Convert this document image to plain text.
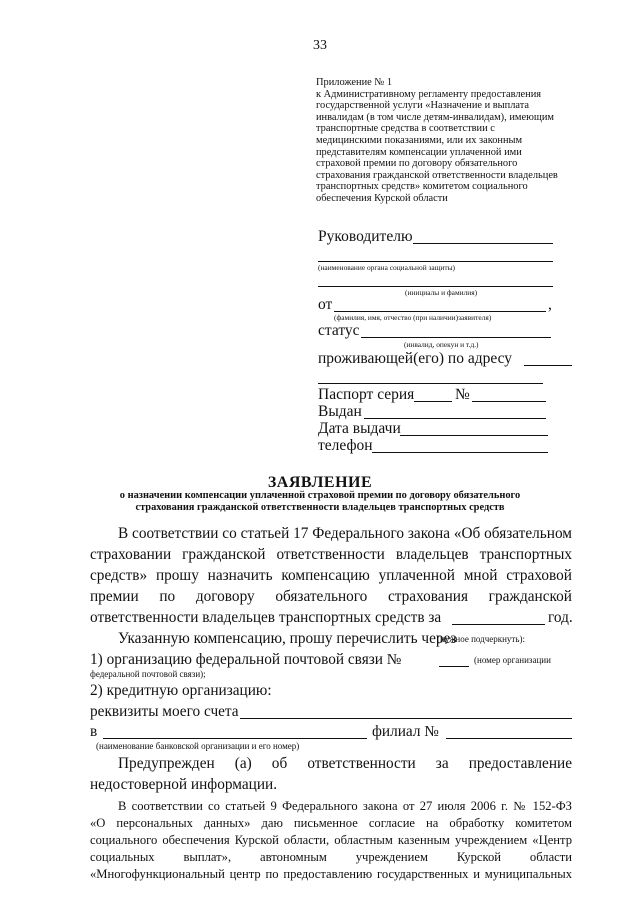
33
Приложение № 1
к Административному регламенту предоставления
государственной услуги «Назначение и выплата
инвалидам (в том числе детям-инвалидам), имеющим
транспортные средства в соответствии с
медицинскими показаниями, или их законным
представителям компенсации уплаченной ими
страховой премии по договору обязательного
страхования гражданской ответственности владельцев
транспортных средств» комитетом социального
обеспечения Курской области
Руководителю
(наименование органа социальной защиты)
(инициалы и фамилия)
от	,
(фамилия, имя, отчество (при наличии)заявителя)
статус
(инвалид, опекун и т.д.)
проживающей(его) по адресу
Паспорт серия	№
Выдан
Дата выдачи
телефон
ЗАЯВЛЕНИЕ
о назначении компенсации уплаченной страховой премии по договору обязательного
страхования гражданской ответственности владельцев транспортных средств
В соответствии со статьей 17 Федерального закона «Об обязательном
страховании гражданской ответственности владельцев транспортных
средств» прошу назначить компенсацию уплаченной мной страховой
премии по договору обязательного страхования гражданской
ответственности владельцев транспортных средств за	год.
Указанную компенсацию, прошу перечислить через
(нужное подчеркнуть):
1) организацию федеральной почтовой связи №	(номер организации
федеральной почтовой связи);
2) кредитную организацию:
реквизиты моего счета
в	филиал №
(наименование банковской организации и его номер)
Предупрежден (а) об ответственности за предоставление
недостоверной информации.
В соответствии со статьей 9 Федерального закона от 27 июля 2006 г. № 152-ФЗ
«О персональных данных» даю письменное согласие на обработку комитетом
социального обеспечения Курской области, областным казенным учреждением «Центр
социальных выплат», автономным учреждением Курской области
«Многофункциональный центр по предоставлению государственных и муниципальных
